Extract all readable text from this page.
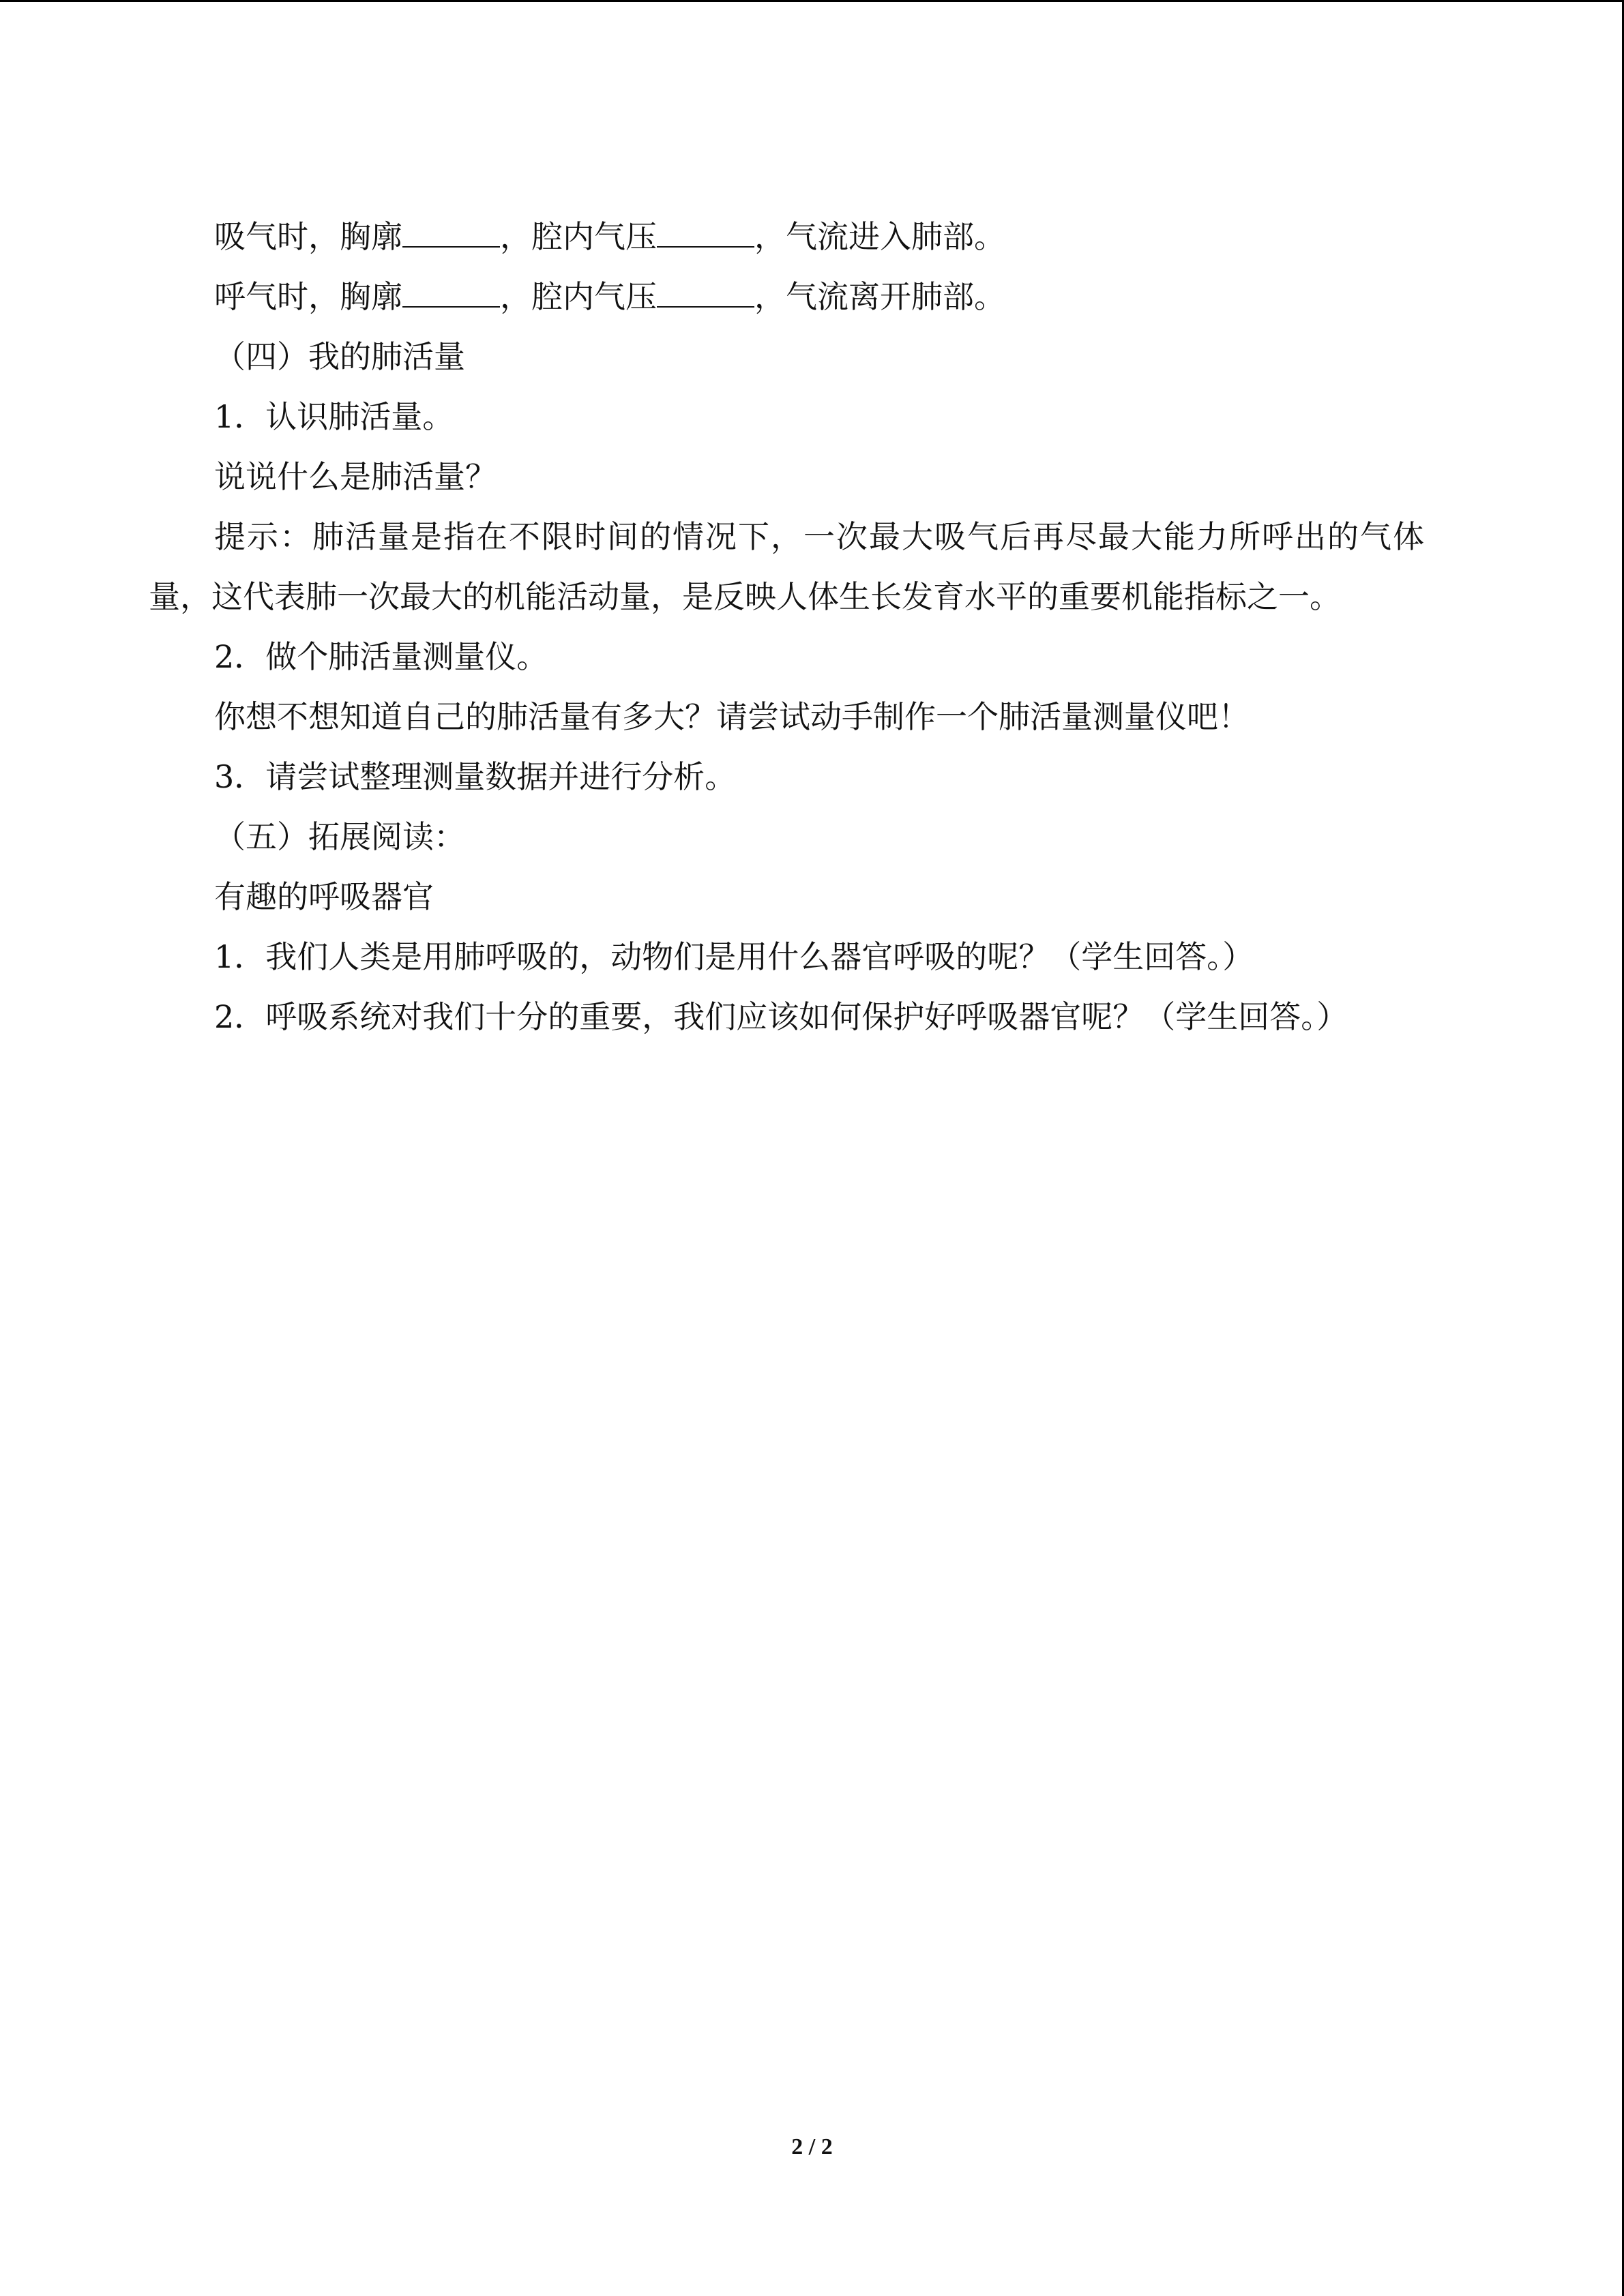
吸气时，胸廓	，腔内气压	，气流进入肺部。
呼气时，胸廓	，腔内气压	，气流离开肺部。
（四）我的肺活量
1．认识肺活量。
说说什么是肺活量？

提示：肺活量是指在不限时间的情况下，一次最大吸气后再尽最大能力所呼出的气体量，这代表肺一次最大的机能活动量，是反映人体生长发育水平的重要机能指标之一。

2．做个肺活量测量仪。
你想不想知道自己的肺活量有多大？请尝试动手制作一个肺活量测量仪吧！
3．请尝试整理测量数据并进行分析。
（五）拓展阅读：
有趣的呼吸器官
1．我们人类是用肺呼吸的，动物们是用什么器官呼吸的呢？（学生回答。）
2．呼吸系统对我们十分的重要，我们应该如何保护好呼吸器官呢？（学生回答。）
2 / 2
